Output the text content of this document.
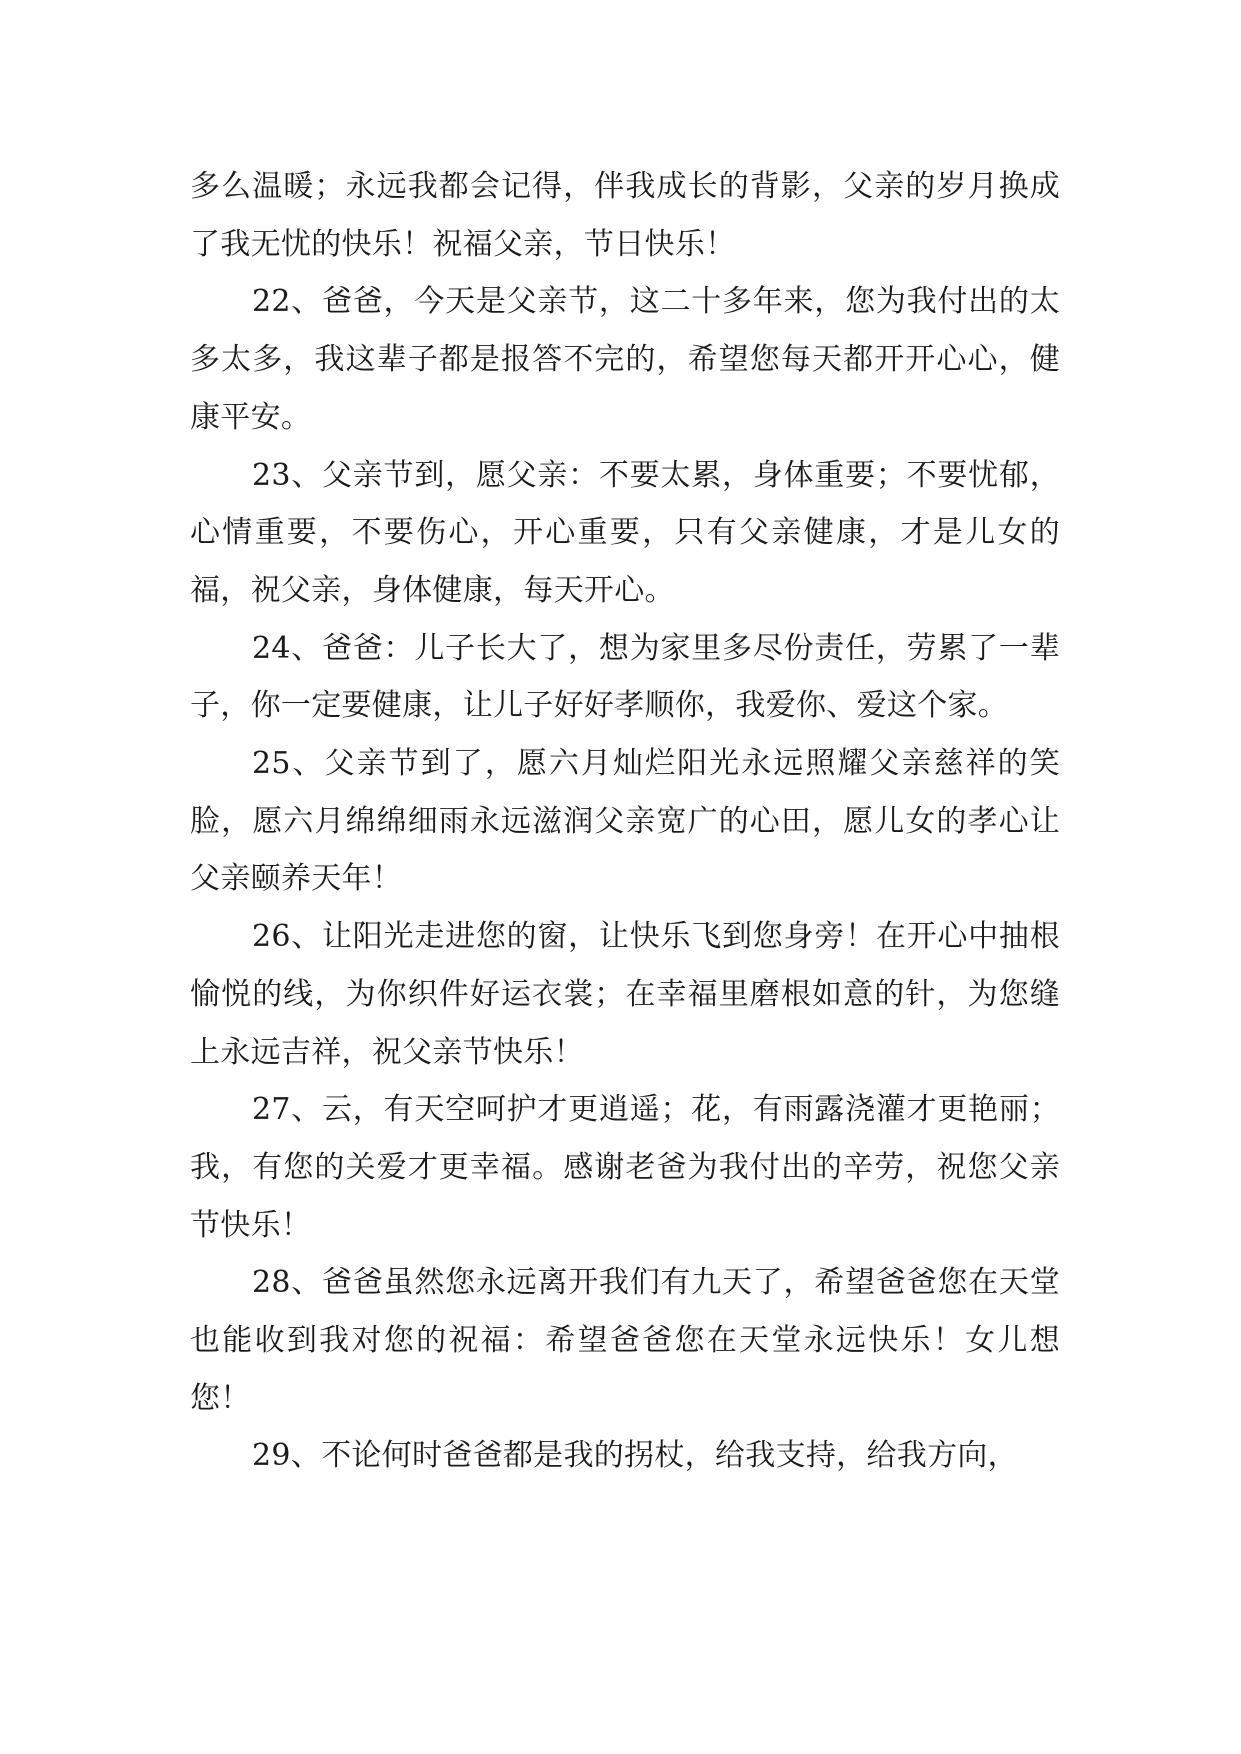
多么温暖；永远我都会记得，伴我成长的背影，父亲的岁月换成了我无忧的快乐！祝福父亲，节日快乐！

22、爸爸，今天是父亲节，这二十多年来，您为我付出的太多太多，我这辈子都是报答不完的，希望您每天都开开心心，健康平安。

23、父亲节到，愿父亲：不要太累，身体重要；不要忧郁，心情重要，不要伤心，开心重要，只有父亲健康，才是儿女的福，祝父亲，身体健康，每天开心。

24、爸爸：儿子长大了，想为家里多尽份责任，劳累了一辈子，你一定要健康，让儿子好好孝顺你，我爱你、爱这个家。

25、父亲节到了，愿六月灿烂阳光永远照耀父亲慈祥的笑脸，愿六月绵绵细雨永远滋润父亲宽广的心田，愿儿女的孝心让父亲颐养天年！

26、让阳光走进您的窗，让快乐飞到您身旁！在开心中抽根愉悦的线，为你织件好运衣裳；在幸福里磨根如意的针，为您缝上永远吉祥，祝父亲节快乐！

27、云，有天空呵护才更逍遥；花，有雨露浇灌才更艳丽；我，有您的关爱才更幸福。感谢老爸为我付出的辛劳，祝您父亲节快乐！

28、爸爸虽然您永远离开我们有九天了，希望爸爸您在天堂也能收到我对您的祝福：希望爸爸您在天堂永远快乐！女儿想您！

29、不论何时爸爸都是我的拐杖，给我支持，给我方向，
